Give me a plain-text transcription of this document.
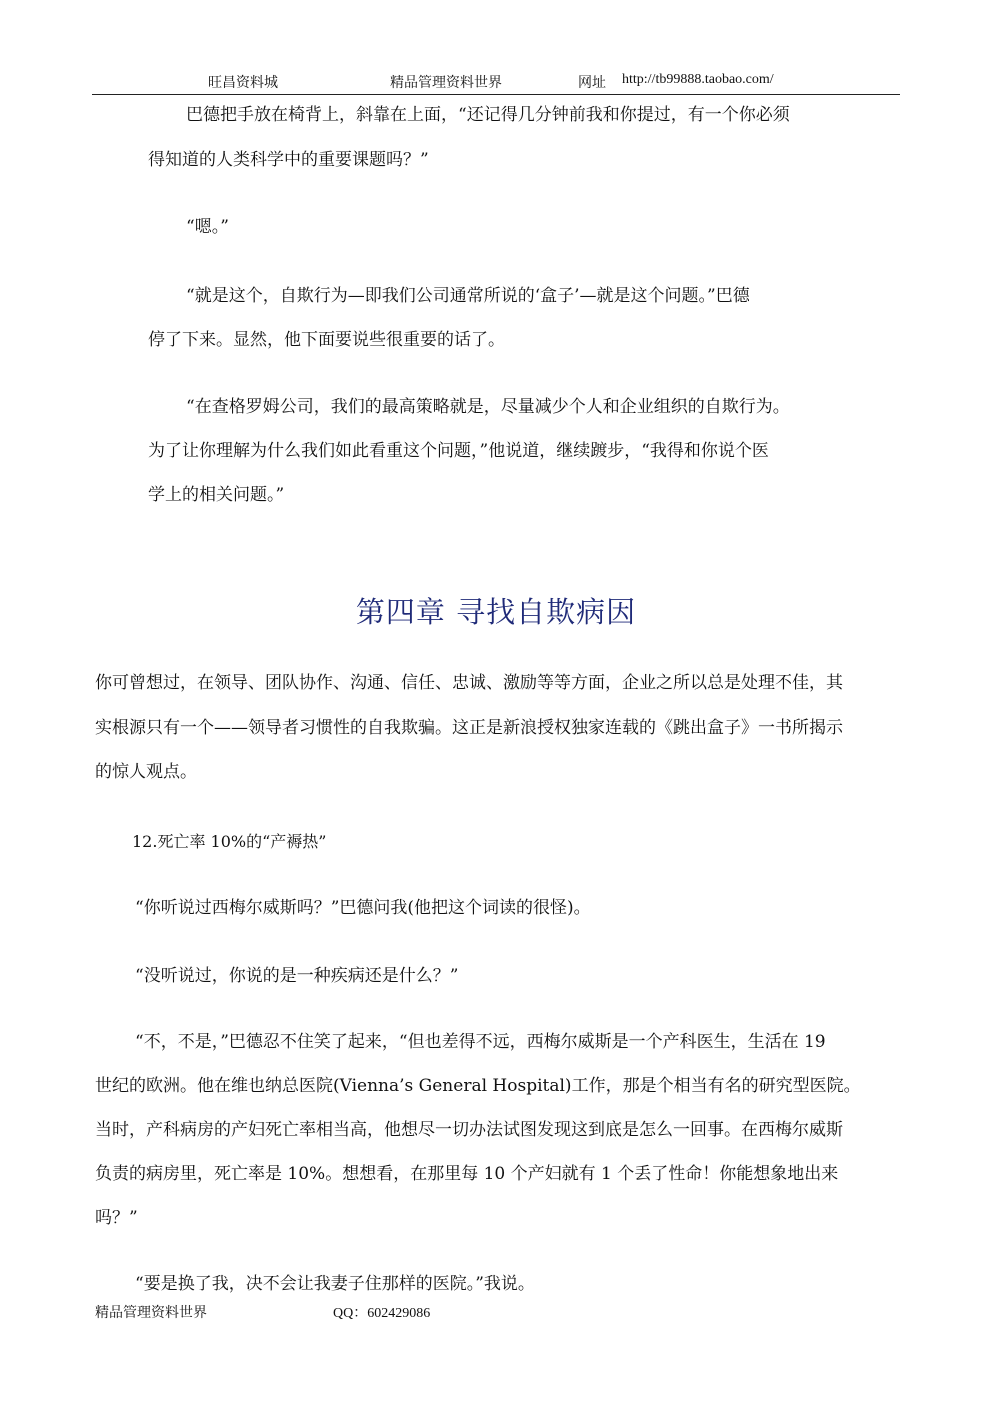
旺昌资料城	精品管理资料世界	网址 http://tb99888.taobao.com/
巴德把手放在椅背上，斜靠在上面，“还记得几分钟前我和你提过，有一个你必须
得知道的人类科学中的重要课题吗？”
“嗯。”
“就是这个，自欺行为—即我们公司通常所说的‘盒子’—就是这个问题。”巴德
停了下来。显然，他下面要说些很重要的话了。
“在查格罗姆公司，我们的最高策略就是，尽量减少个人和企业组织的自欺行为。
为了让你理解为什么我们如此看重这个问题，”他说道，继续踱步，“我得和你说个医
学上的相关问题。”
第四章 寻找自欺病因
你可曾想过，在领导、团队协作、沟通、信任、忠诚、激励等等方面，企业之所以总是处理不佳，其
实根源只有一个——领导者习惯性的自我欺骗。这正是新浪授权独家连载的《跳出盒子》一书所揭示
的惊人观点。
12.死亡率 10%的“产褥热”
“你听说过西梅尔威斯吗？”巴德问我(他把这个词读的很怪)。
“没听说过，你说的是一种疾病还是什么？”
“不，不是，”巴德忍不住笑了起来，“但也差得不远，西梅尔威斯是一个产科医生，生活在 19
世纪的欧洲。他在维也纳总医院(Vienna’s General Hospital)工作，那是个相当有名的研究型医院。
当时，产科病房的产妇死亡率相当高，他想尽一切办法试图发现这到底是怎么一回事。在西梅尔威斯
负责的病房里，死亡率是 10%。想想看，在那里每 10 个产妇就有 1 个丢了性命！你能想象地出来
吗？”
“要是换了我，决不会让我妻子住那样的医院。”我说。
精品管理资料世界	QQ：602429086
